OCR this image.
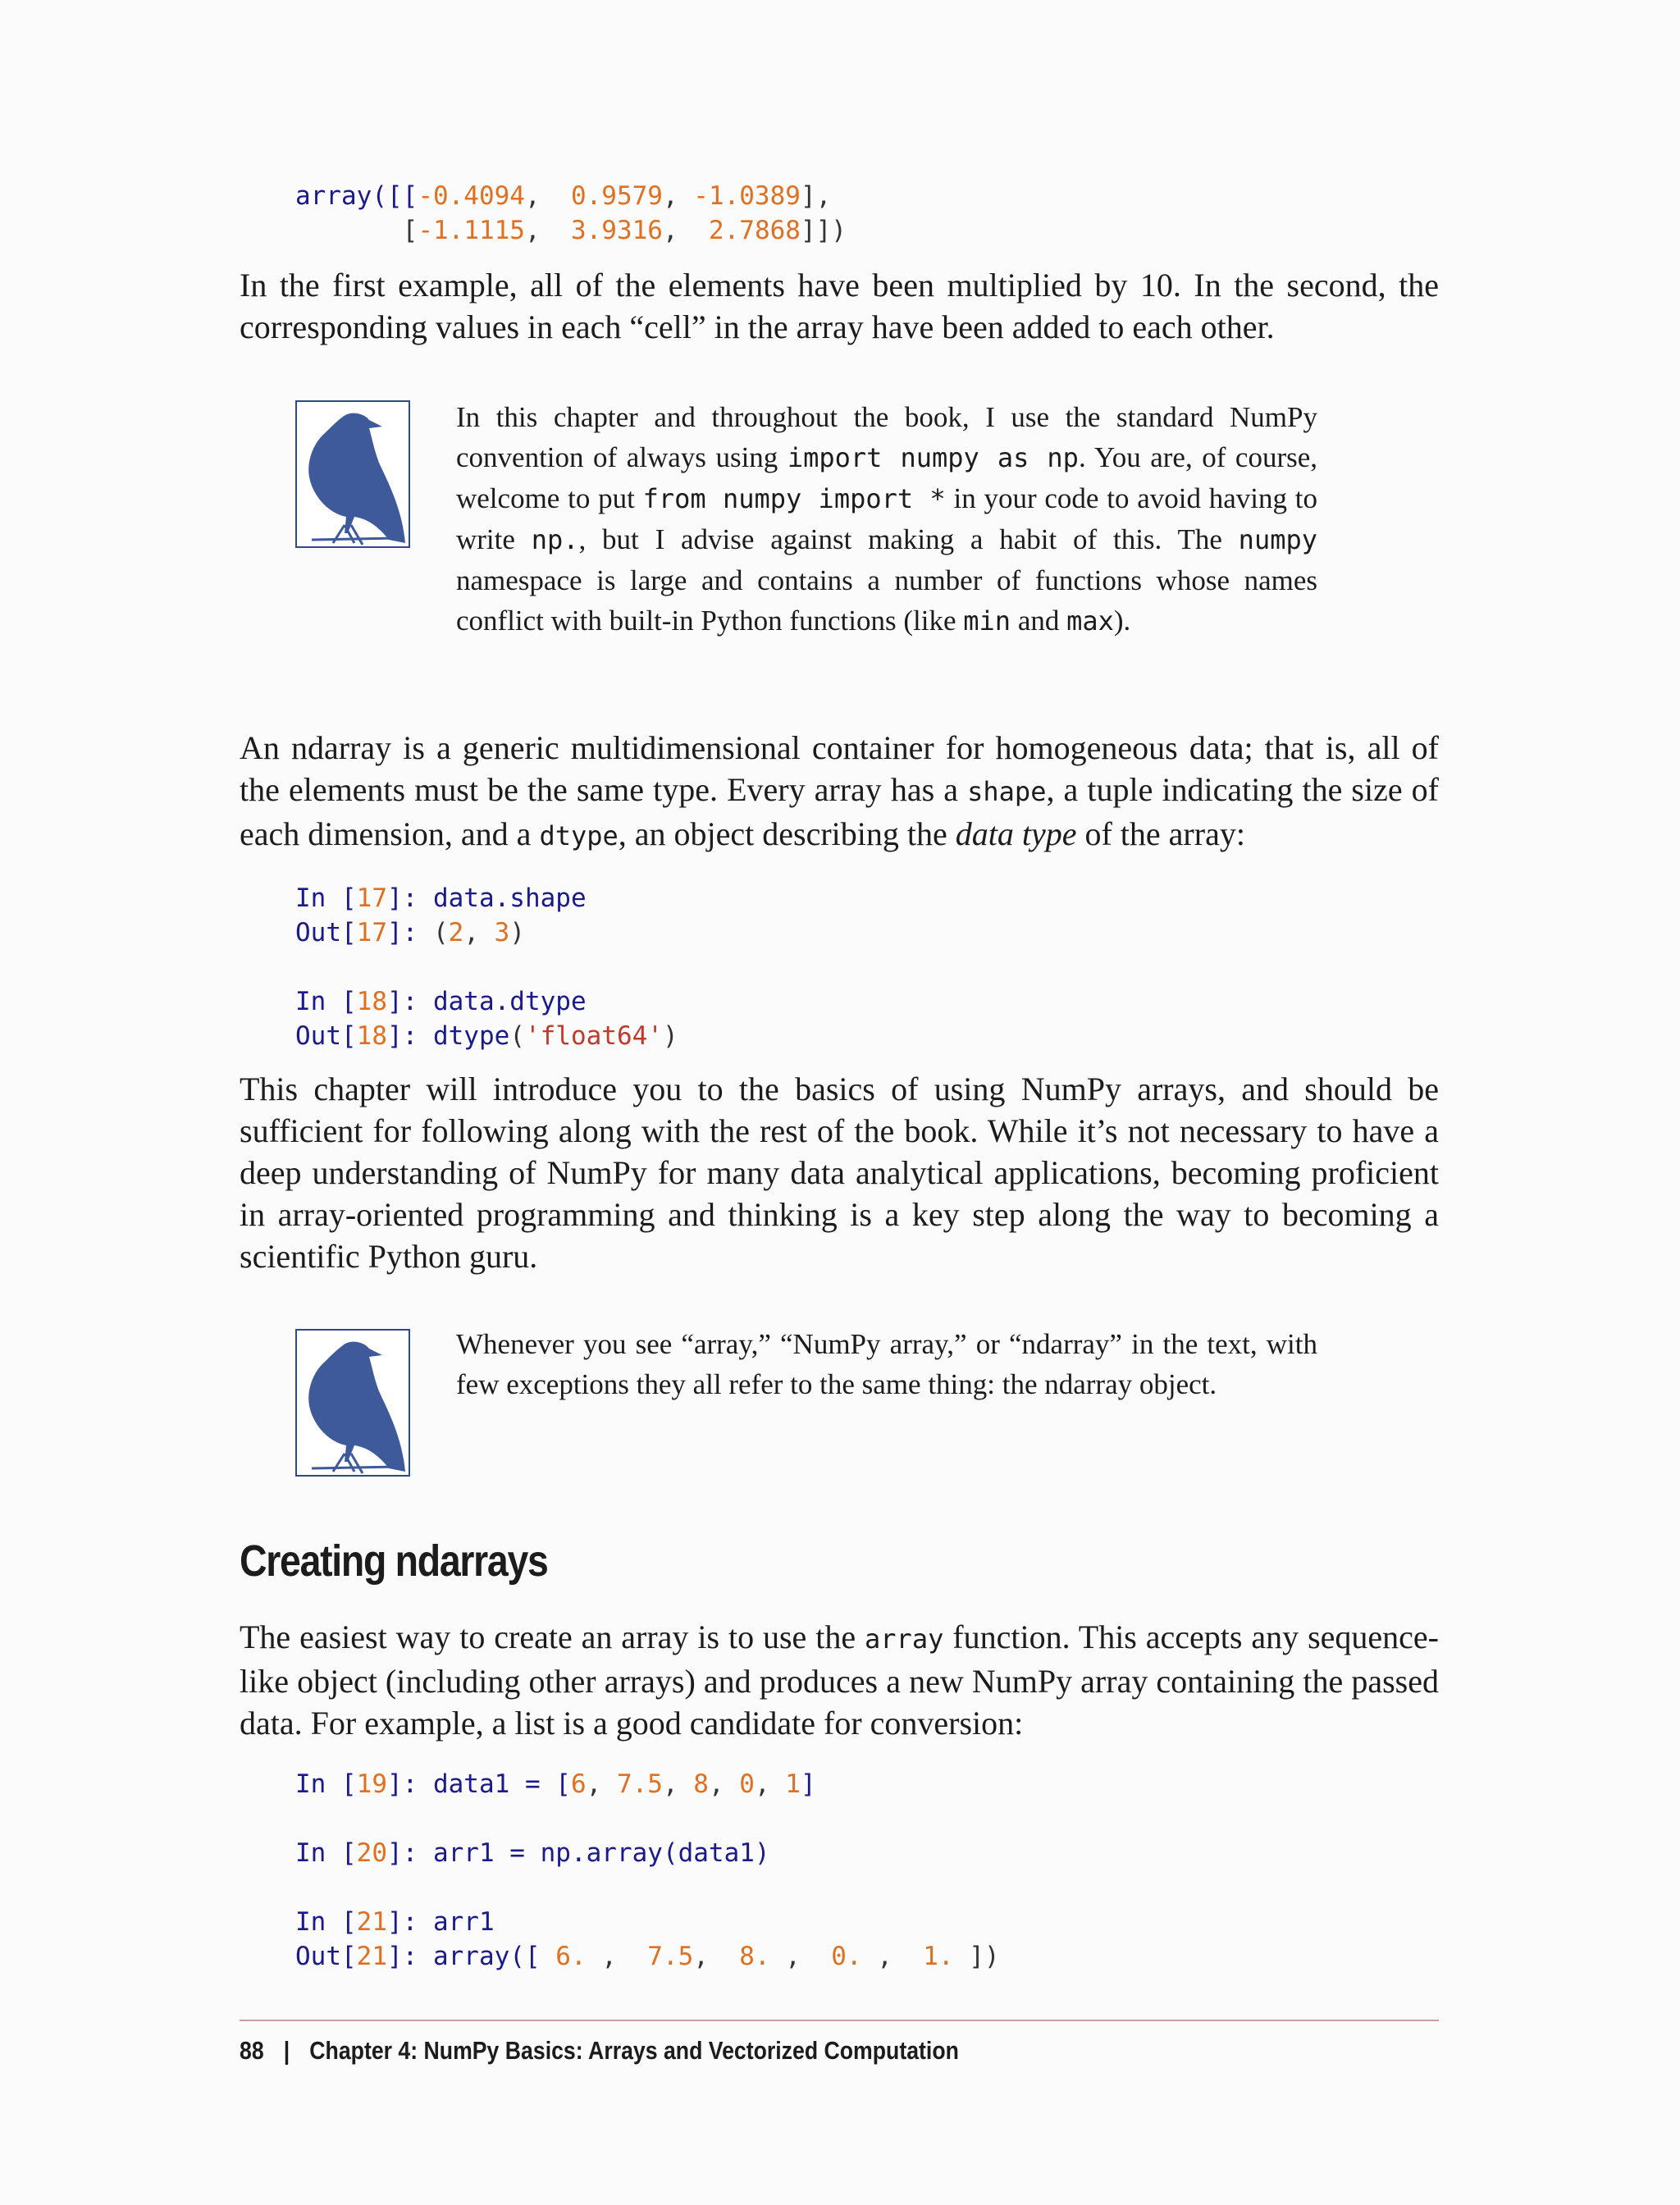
array([[-0.4094,  0.9579, -1.0389],
[-1.1115,  3.9316,  2.7868]])

In the first example, all of the elements have been multiplied by 10. In the second, the corresponding values in each “cell” in the array have been added to each other.

In this chapter and throughout the book, I use the standard NumPy convention of always using import numpy as np. You are, of course, welcome to put from numpy import * in your code to avoid having to write np., but I advise against making a habit of this. The numpy namespace is large and contains a number of functions whose names conflict with built-in Python functions (like min and max).

An ndarray is a generic multidimensional container for homogeneous data; that is, all of the elements must be the same type. Every array has a shape, a tuple indicating the size of each dimension, and a dtype, an object describing the data type of the array:

In [17]: data.shape
Out[17]: (2, 3)

In [18]: data.dtype
Out[18]: dtype('float64')

This chapter will introduce you to the basics of using NumPy arrays, and should be sufficient for following along with the rest of the book. While it’s not necessary to have a deep understanding of NumPy for many data analytical applications, becoming proficient in array-oriented programming and thinking is a key step along the way to becoming a scientific Python guru.

Whenever you see “array,” “NumPy array,” or “ndarray” in the text, with few exceptions they all refer to the same thing: the ndarray object.

Creating ndarrays

The easiest way to create an array is to use the array function. This accepts any sequence-like object (including other arrays) and produces a new NumPy array containing the passed data. For example, a list is a good candidate for conversion:

In [19]: data1 = [6, 7.5, 8, 0, 1]

In [20]: arr1 = np.array(data1)

In [21]: arr1
Out[21]: array([ 6. ,  7.5,  8. ,  0. ,  1. ])
88 | Chapter 4: NumPy Basics: Arrays and Vectorized Computation
